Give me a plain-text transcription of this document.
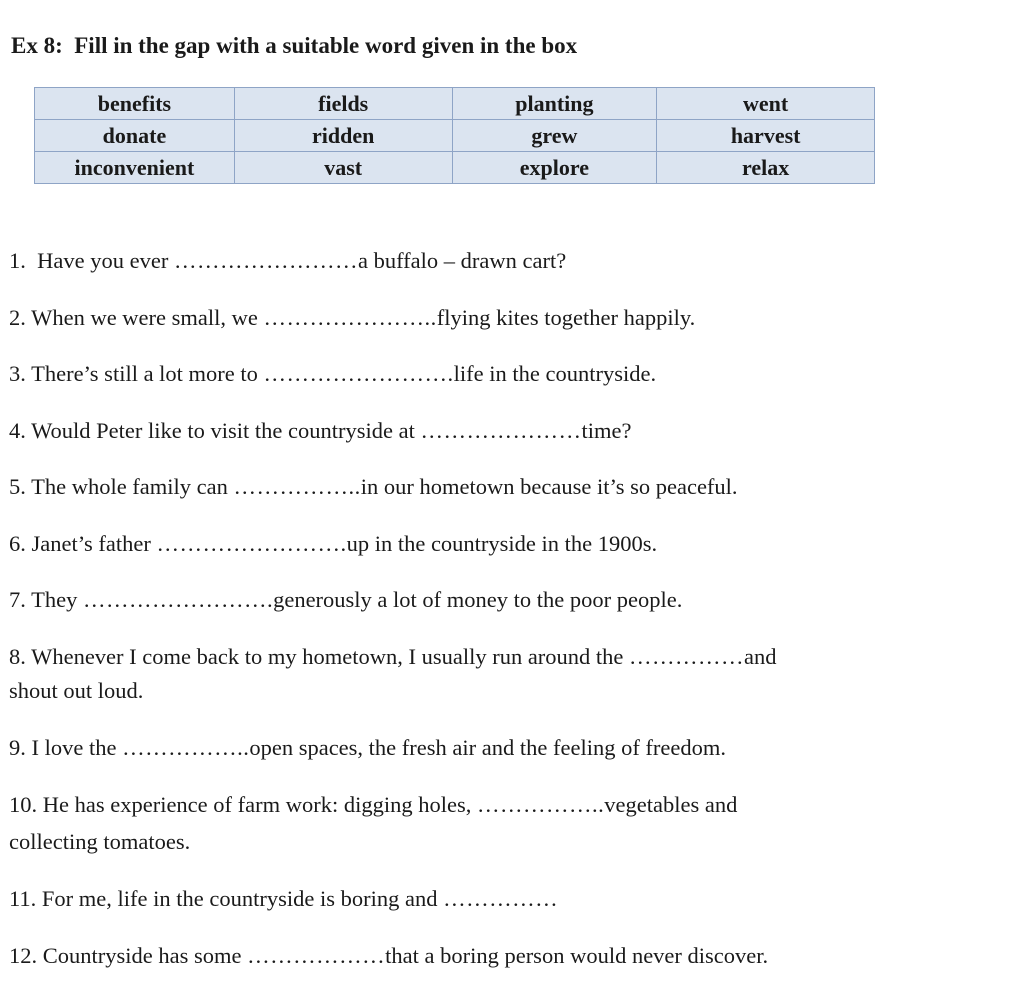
Ex 8:  Fill in the gap with a suitable word given in the box
benefits	fields	planting	went
donate	ridden	grew	harvest
inconvenient	vast	explore	relax
1.  Have you ever ……………………a buffalo – drawn cart?
2. When we were small, we …………………..flying kites together happily.
3. There’s still a lot more to …………………….life in the countryside.
4. Would Peter like to visit the countryside at …………………time?
5. The whole family can ……………..in our hometown because it’s so peaceful.
6. Janet’s father …………………….up in the countryside in the 1900s.
7. They …………………….generously a lot of money to the poor people.
8. Whenever I come back to my hometown, I usually run around the ……………and
shout out loud.
9. I love the ……………..open spaces, the fresh air and the feeling of freedom.
10. He has experience of farm work: digging holes, ……………..vegetables and
collecting tomatoes.
11. For me, life in the countryside is boring and ……………
12. Countryside has some ………………that a boring person would never discover.
